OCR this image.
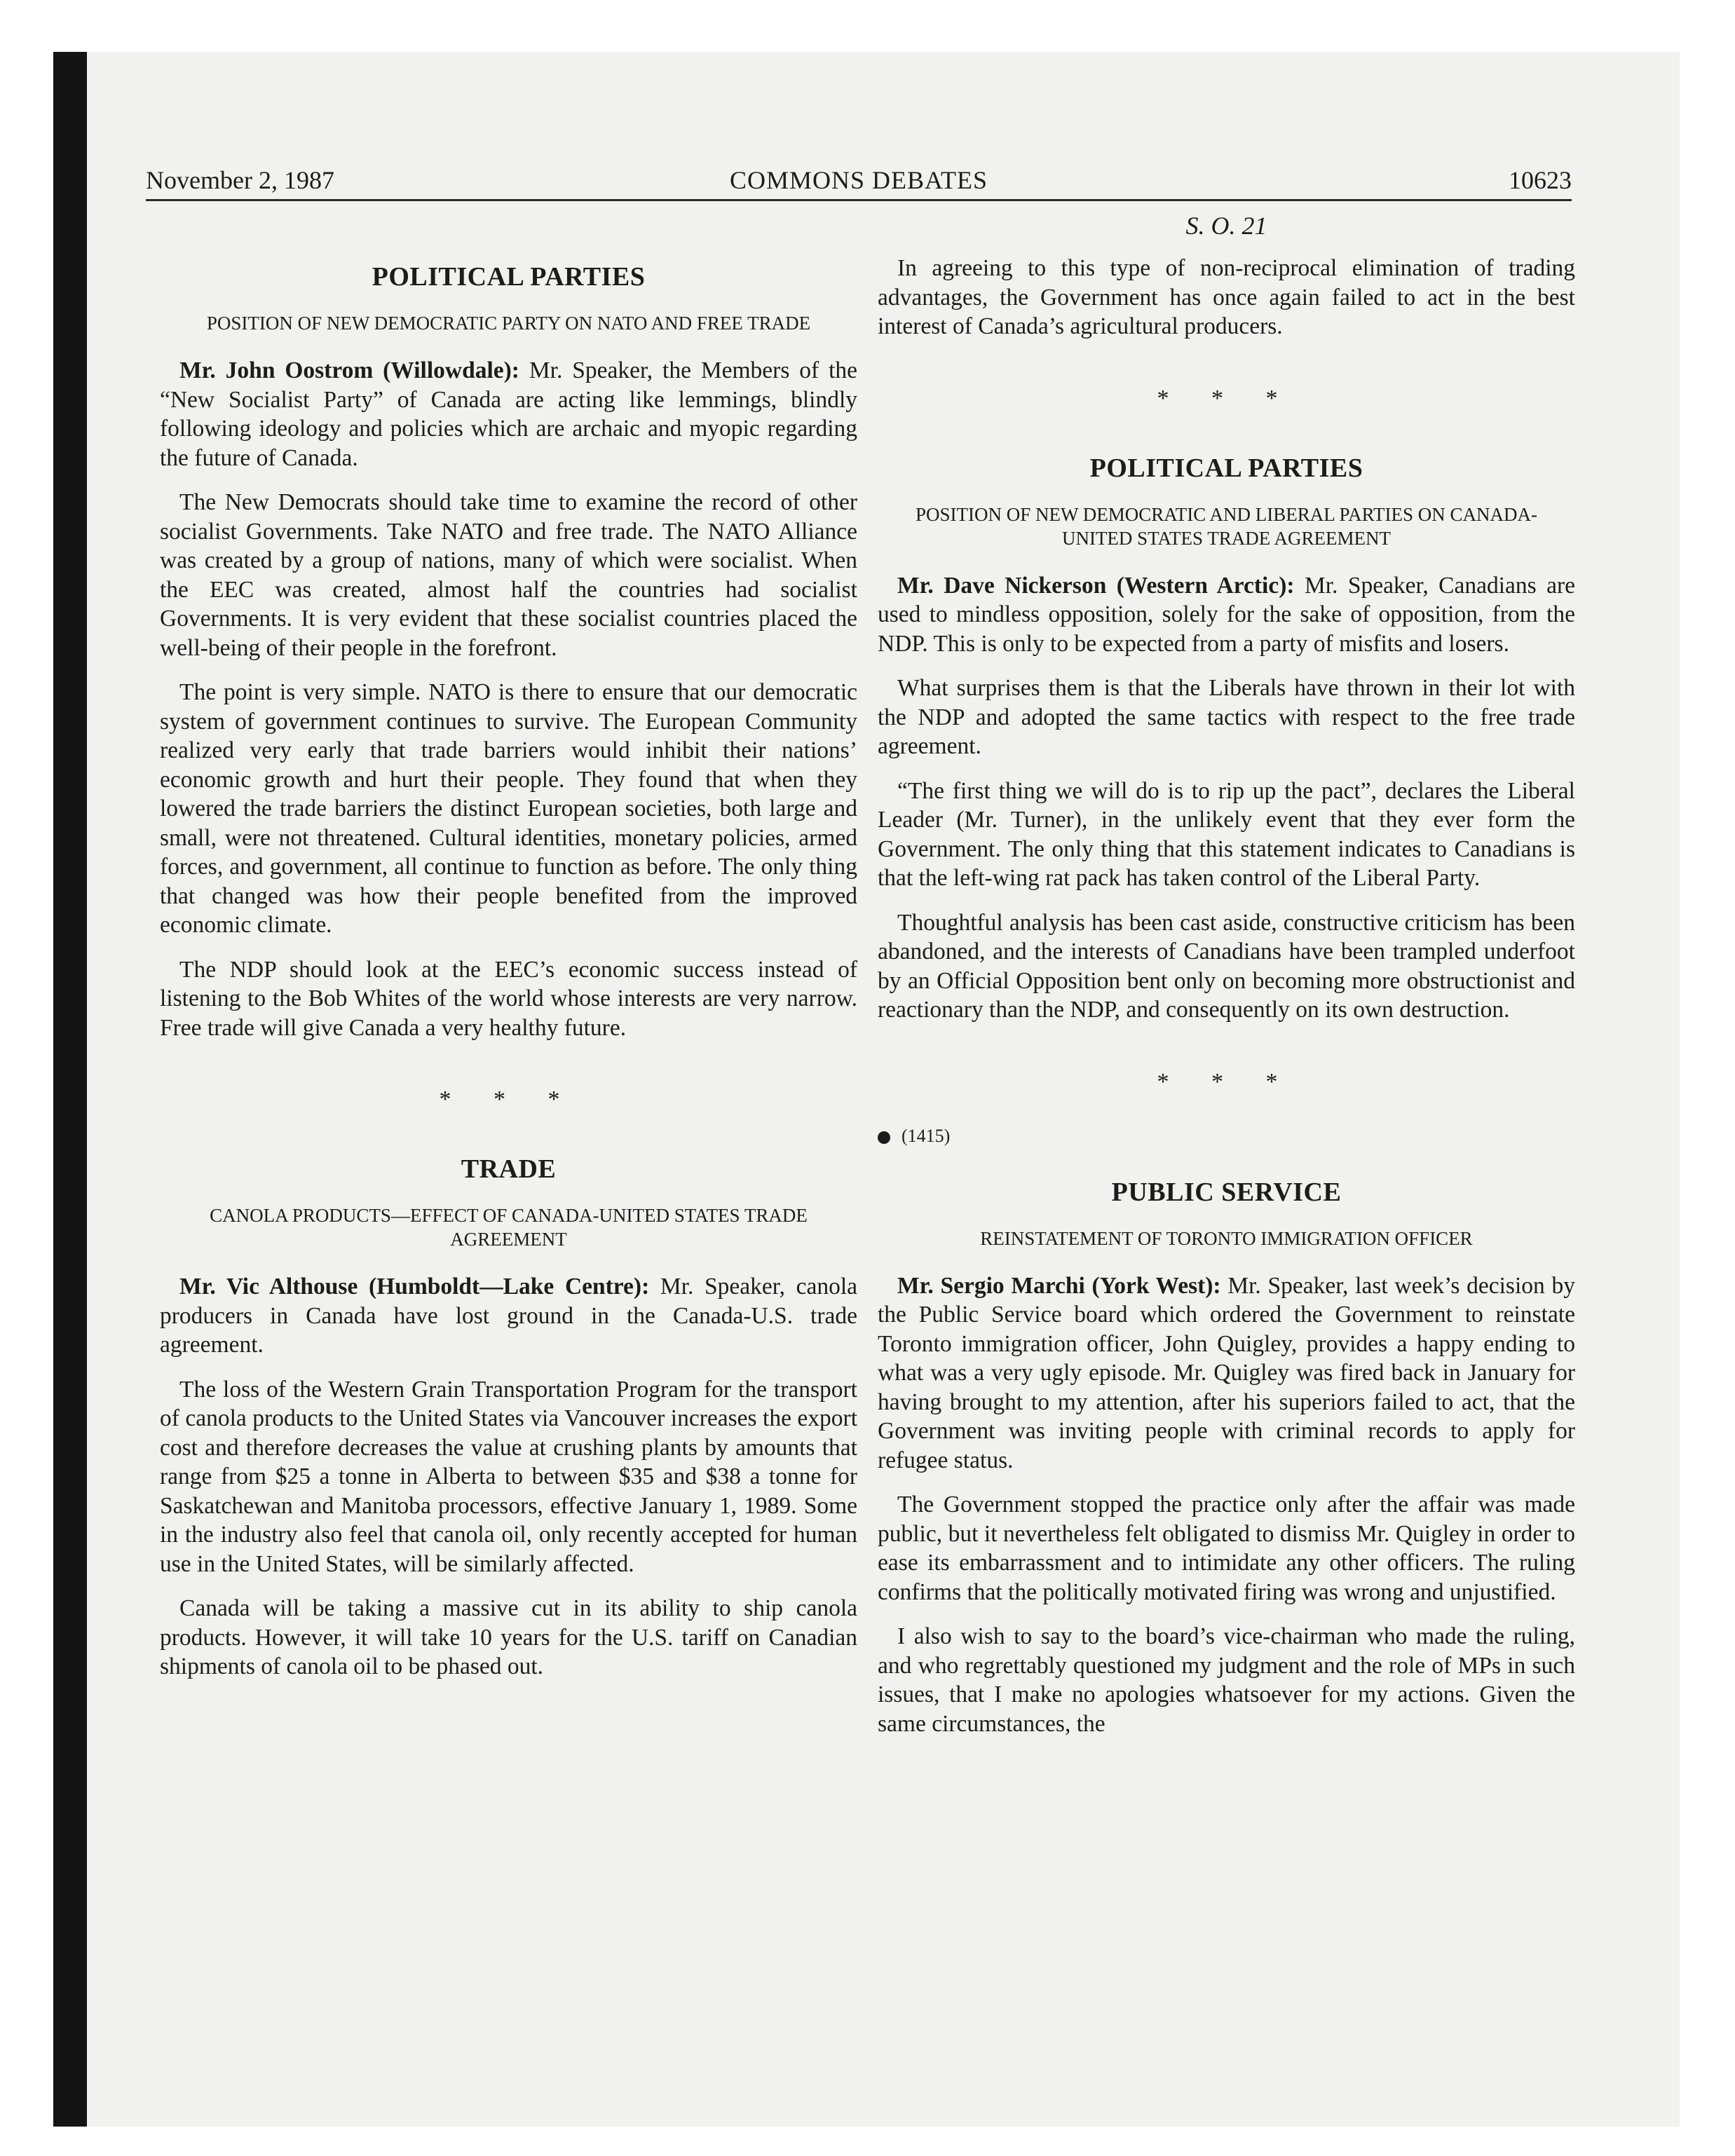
November 2, 1987	COMMONS DEBATES	10623
POLITICAL PARTIES
POSITION OF NEW DEMOCRATIC PARTY ON NATO AND FREE TRADE

Mr. John Oostrom (Willowdale): Mr. Speaker, the Members of the “New Socialist Party” of Canada are acting like lemmings, blindly following ideology and policies which are archaic and myopic regarding the future of Canada.

The New Democrats should take time to examine the record of other socialist Governments. Take NATO and free trade. The NATO Alliance was created by a group of nations, many of which were socialist. When the EEC was created, almost half the countries had socialist Governments. It is very evident that these socialist countries placed the well-being of their people in the forefront.

The point is very simple. NATO is there to ensure that our democratic system of government continues to survive. The European Community realized very early that trade barriers would inhibit their nations’ economic growth and hurt their people. They found that when they lowered the trade barriers the distinct European societies, both large and small, were not threatened. Cultural identities, monetary policies, armed forces, and government, all continue to function as before. The only thing that changed was how their people benefited from the improved economic climate.

The NDP should look at the EEC’s economic success instead of listening to the Bob Whites of the world whose interests are very narrow. Free trade will give Canada a very healthy future.

* * *
TRADE
CANOLA PRODUCTS—EFFECT OF CANADA-UNITED STATES TRADE AGREEMENT

Mr. Vic Althouse (Humboldt—Lake Centre): Mr. Speaker, canola producers in Canada have lost ground in the Canada-U.S. trade agreement.

The loss of the Western Grain Transportation Program for the transport of canola products to the United States via Vancouver increases the export cost and therefore decreases the value at crushing plants by amounts that range from $25 a tonne in Alberta to between $35 and $38 a tonne for Saskatchewan and Manitoba processors, effective January 1, 1989. Some in the industry also feel that canola oil, only recently accepted for human use in the United States, will be similarly affected.

Canada will be taking a massive cut in its ability to ship canola products. However, it will take 10 years for the U.S. tariff on Canadian shipments of canola oil to be phased out.

S. O. 21

In agreeing to this type of non-reciprocal elimination of trading advantages, the Government has once again failed to act in the best interest of Canada’s agricultural producers.

* * *
POLITICAL PARTIES
POSITION OF NEW DEMOCRATIC AND LIBERAL PARTIES ON CANADA-UNITED STATES TRADE AGREEMENT

Mr. Dave Nickerson (Western Arctic): Mr. Speaker, Canadians are used to mindless opposition, solely for the sake of opposition, from the NDP. This is only to be expected from a party of misfits and losers.

What surprises them is that the Liberals have thrown in their lot with the NDP and adopted the same tactics with respect to the free trade agreement.

“The first thing we will do is to rip up the pact”, declares the Liberal Leader (Mr. Turner), in the unlikely event that they ever form the Government. The only thing that this statement indicates to Canadians is that the left-wing rat pack has taken control of the Liberal Party.

Thoughtful analysis has been cast aside, constructive criticism has been abandoned, and the interests of Canadians have been trampled underfoot by an Official Opposition bent only on becoming more obstructionist and reactionary than the NDP, and consequently on its own destruction.

* * *
(1415)
PUBLIC SERVICE
REINSTATEMENT OF TORONTO IMMIGRATION OFFICER

Mr. Sergio Marchi (York West): Mr. Speaker, last week’s decision by the Public Service board which ordered the Government to reinstate Toronto immigration officer, John Quigley, provides a happy ending to what was a very ugly episode. Mr. Quigley was fired back in January for having brought to my attention, after his superiors failed to act, that the Government was inviting people with criminal records to apply for refugee status.

The Government stopped the practice only after the affair was made public, but it nevertheless felt obligated to dismiss Mr. Quigley in order to ease its embarrassment and to intimidate any other officers. The ruling confirms that the politically motivated firing was wrong and unjustified.

I also wish to say to the board’s vice-chairman who made the ruling, and who regrettably questioned my judgment and the role of MPs in such issues, that I make no apologies whatsoever for my actions. Given the same circumstances, the
